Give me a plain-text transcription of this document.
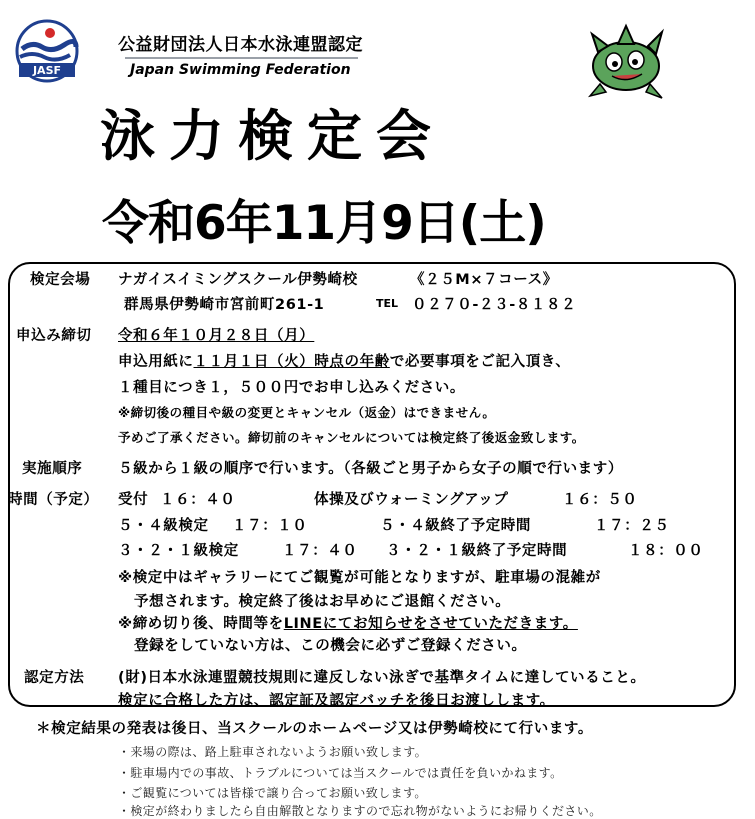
JASF
公益財団法人日本水泳連盟認定
Japan Swimming Federation
泳力検定会
令和6年11月9日(土)
検定会場 ナガイスイミングスクール伊勢崎校	《２５M×７コース》
群馬県伊勢崎市宮前町261-1	TEL ０２７０-２３-８１８２
申込み締切 令和６年１０月２８日（月）
申込用紙に１１月１日（火）時点の年齢で必要事項をご記入頂き、
１種目につき１，５００円でお申し込みください。
※締切後の種目や級の変更とキャンセル（返金）はできません。
予めご了承ください。締切前のキャンセルについては検定終了後返金致します。
実施順序 ５級から１級の順序で行います。（各級ごと男子から女子の順で行います）
時間（予定） 受付 １６：４０	体操及びウォーミングアップ	１６：５０
５・４級検定 １７：１０	５・４級終了予定時間	１７：２５
３・２・１級検定	１７：４０ ３・２・１級終了予定時間	１８：００
※検定中はギャラリーにてご観覧が可能となりますが、駐車場の混雑が
予想されます。検定終了後はお早めにご退館ください。
※締め切り後、時間等をLINEにてお知らせをさせていただきます。
登録をしていない方は、この機会に必ずご登録ください。
認定方法 (財)日本水泳連盟競技規則に違反しない泳ぎで基準タイムに達していること。
検定に合格した方は、認定証及認定バッチを後日お渡しします。
＊検定結果の発表は後日、当スクールのホームページ又は伊勢崎校にて行います。
・来場の際は、路上駐車されないようお願い致します。
・駐車場内での事故、トラブルについては当スクールでは責任を負いかねます。
・ご観覧については皆様で譲り合ってお願い致します。
・検定が終わりましたら自由解散となりますので忘れ物がないようにお帰りください。
